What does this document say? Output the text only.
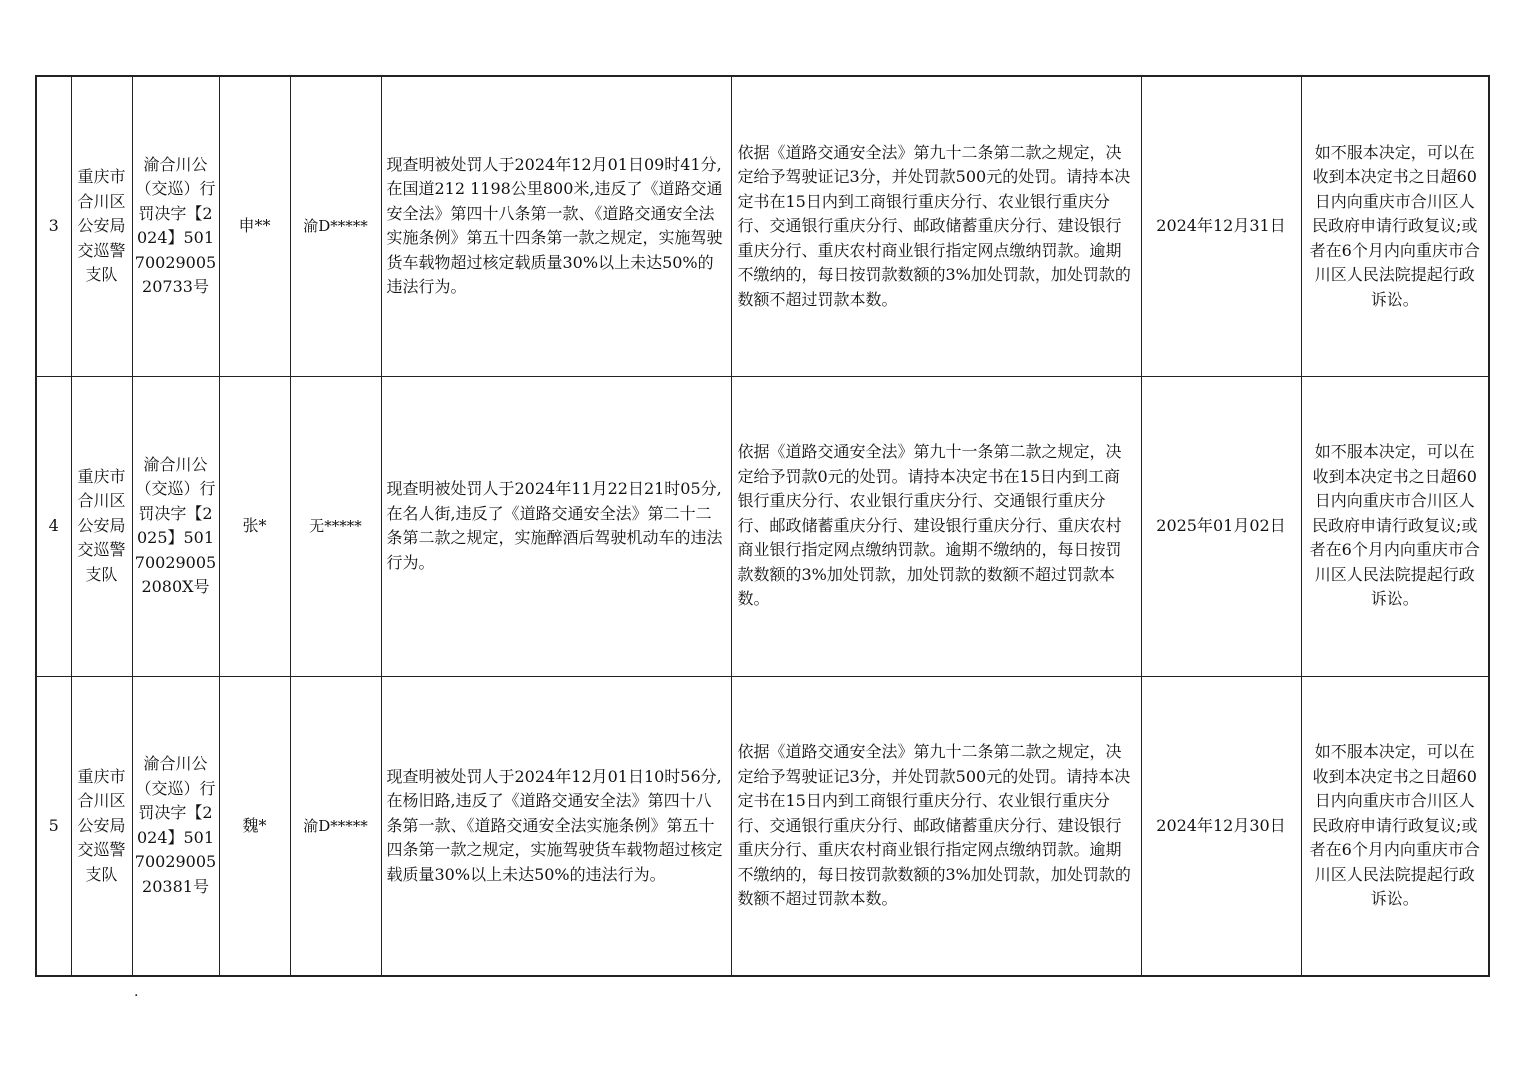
3	重庆市合川区公安局交巡警支队	渝合川公（交巡）行罚决字【2024】5017002900520733号	申**	渝D*****	现查明被处罚人于2024年12月01日09时41分,在国道212 1198公里800米,违反了《道路交通安全法》第四十八条第一款、《道路交通安全法实施条例》第五十四条第一款之规定，实施驾驶货车载物超过核定载质量30%以上未达50%的违法行为。	依据《道路交通安全法》第九十二条第二款之规定，决定给予驾驶证记3分，并处罚款500元的处罚。请持本决定书在15日内到工商银行重庆分行、农业银行重庆分行、交通银行重庆分行、邮政储蓄重庆分行、建设银行重庆分行、重庆农村商业银行指定网点缴纳罚款。逾期不缴纳的，每日按罚款数额的3%加处罚款，加处罚款的数额不超过罚款本数。	2024年12月31日	如不服本决定，可以在收到本决定书之日超60日内向重庆市合川区人民政府申请行政复议;或者在6个月内向重庆市合川区人民法院提起行政诉讼。
4	重庆市合川区公安局交巡警支队	渝合川公（交巡）行罚决字【2025】501700290052080X号	张*	无*****	现查明被处罚人于2024年11月22日21时05分,在名人街,违反了《道路交通安全法》第二十二条第二款之规定，实施醉酒后驾驶机动车的违法行为。	依据《道路交通安全法》第九十一条第二款之规定，决定给予罚款0元的处罚。请持本决定书在15日内到工商银行重庆分行、农业银行重庆分行、交通银行重庆分行、邮政储蓄重庆分行、建设银行重庆分行、重庆农村商业银行指定网点缴纳罚款。逾期不缴纳的，每日按罚款数额的3%加处罚款，加处罚款的数额不超过罚款本数。	2025年01月02日	如不服本决定，可以在收到本决定书之日超60日内向重庆市合川区人民政府申请行政复议;或者在6个月内向重庆市合川区人民法院提起行政诉讼。
5	重庆市合川区公安局交巡警支队	渝合川公（交巡）行罚决字【2024】5017002900520381号	魏*	渝D*****	现查明被处罚人于2024年12月01日10时56分,在杨旧路,违反了《道路交通安全法》第四十八条第一款、《道路交通安全法实施条例》第五十四条第一款之规定，实施驾驶货车载物超过核定载质量30%以上未达50%的违法行为。	依据《道路交通安全法》第九十二条第二款之规定，决定给予驾驶证记3分，并处罚款500元的处罚。请持本决定书在15日内到工商银行重庆分行、农业银行重庆分行、交通银行重庆分行、邮政储蓄重庆分行、建设银行重庆分行、重庆农村商业银行指定网点缴纳罚款。逾期不缴纳的，每日按罚款数额的3%加处罚款，加处罚款的数额不超过罚款本数。	2024年12月30日	如不服本决定，可以在收到本决定书之日超60日内向重庆市合川区人民政府申请行政复议;或者在6个月内向重庆市合川区人民法院提起行政诉讼。
.
